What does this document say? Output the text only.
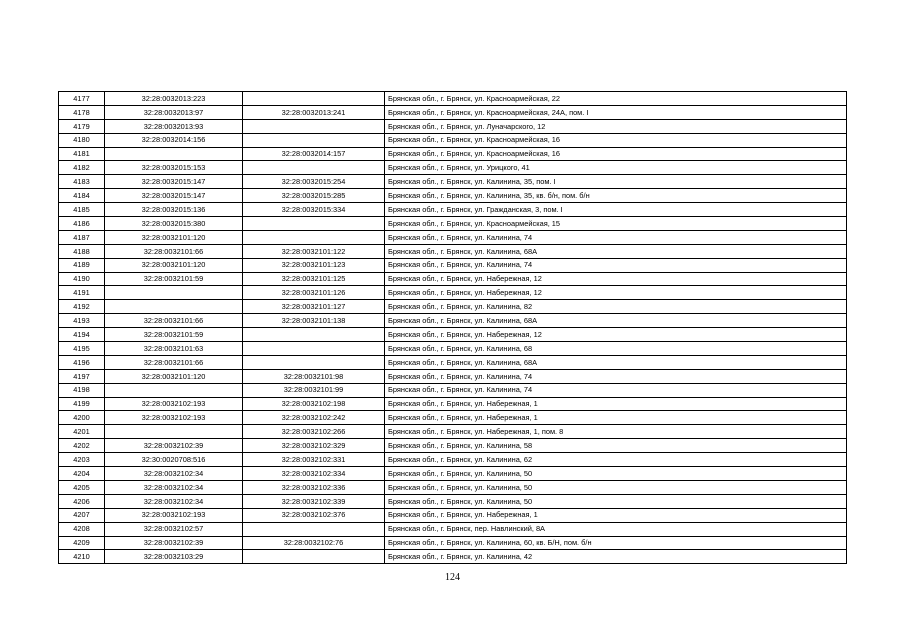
4177	32:28:0032013:223		Брянская обл., г. Брянск, ул. Красноармейская, 22
4178	32:28:0032013:97	32:28:0032013:241	Брянская обл., г. Брянск, ул. Красноармейская, 24А, пом. I
4179	32:28:0032013:93		Брянская обл., г. Брянск, ул. Луначарского, 12
4180	32:28:0032014:156		Брянская обл., г. Брянск, ул. Красноармейская, 16
4181		32:28:0032014:157	Брянская обл., г. Брянск, ул. Красноармейская, 16
4182	32:28:0032015:153		Брянская обл., г. Брянск, ул. Урицкого, 41
4183	32:28:0032015:147	32:28:0032015:254	Брянская обл., г. Брянск, ул. Калинина, 35, пом. I
4184	32:28:0032015:147	32:28:0032015:285	Брянская обл., г. Брянск, ул. Калинина, 35, кв. б/н, пом. б/н
4185	32:28:0032015:136	32:28:0032015:334	Брянская обл., г. Брянск, ул. Гражданская, 3, пом. I
4186	32:28:0032015:380		Брянская обл., г. Брянск, ул. Красноармейская, 15
4187	32:28:0032101:120		Брянская обл., г. Брянск, ул. Калинина, 74
4188	32:28:0032101:66	32:28:0032101:122	Брянская обл., г. Брянск, ул. Калинина, 68А
4189	32:28:0032101:120	32:28:0032101:123	Брянская обл., г. Брянск, ул. Калинина, 74
4190	32:28:0032101:59	32:28:0032101:125	Брянская обл., г. Брянск, ул. Набережная, 12
4191		32:28:0032101:126	Брянская обл., г. Брянск, ул. Набережная, 12
4192		32:28:0032101:127	Брянская обл., г. Брянск, ул. Калинина, 82
4193	32:28:0032101:66	32:28:0032101:138	Брянская обл., г. Брянск, ул. Калинина, 68А
4194	32:28:0032101:59		Брянская обл., г. Брянск, ул. Набережная, 12
4195	32:28:0032101:63		Брянская обл., г. Брянск, ул. Калинина, 68
4196	32:28:0032101:66		Брянская обл., г. Брянск, ул. Калинина, 68А
4197	32:28:0032101:120	32:28:0032101:98	Брянская обл., г. Брянск, ул. Калинина, 74
4198		32:28:0032101:99	Брянская обл., г. Брянск, ул. Калинина, 74
4199	32:28:0032102:193	32:28:0032102:198	Брянская обл., г. Брянск, ул. Набережная, 1
4200	32:28:0032102:193	32:28:0032102:242	Брянская обл., г. Брянск, ул. Набережная, 1
4201		32:28:0032102:266	Брянская обл., г. Брянск, ул. Набережная, 1, пом. 8
4202	32:28:0032102:39	32:28:0032102:329	Брянская обл., г. Брянск, ул. Калинина, 58
4203	32:30:0020708:516	32:28:0032102:331	Брянская обл., г. Брянск, ул. Калинина, 62
4204	32:28:0032102:34	32:28:0032102:334	Брянская обл., г. Брянск, ул. Калинина, 50
4205	32:28:0032102:34	32:28:0032102:336	Брянская обл., г. Брянск, ул. Калинина, 50
4206	32:28:0032102:34	32:28:0032102:339	Брянская обл., г. Брянск, ул. Калинина, 50
4207	32:28:0032102:193	32:28:0032102:376	Брянская обл., г. Брянск, ул. Набережная, 1
4208	32:28:0032102:57		Брянская обл., г. Брянск, пер. Навлинский, 8А
4209	32:28:0032102:39	32:28:0032102:76	Брянская обл., г. Брянск, ул. Калинина, 60, кв. Б/Н, пом. б/н
4210	32:28:0032103:29		Брянская обл., г. Брянск, ул. Калинина, 42
124
